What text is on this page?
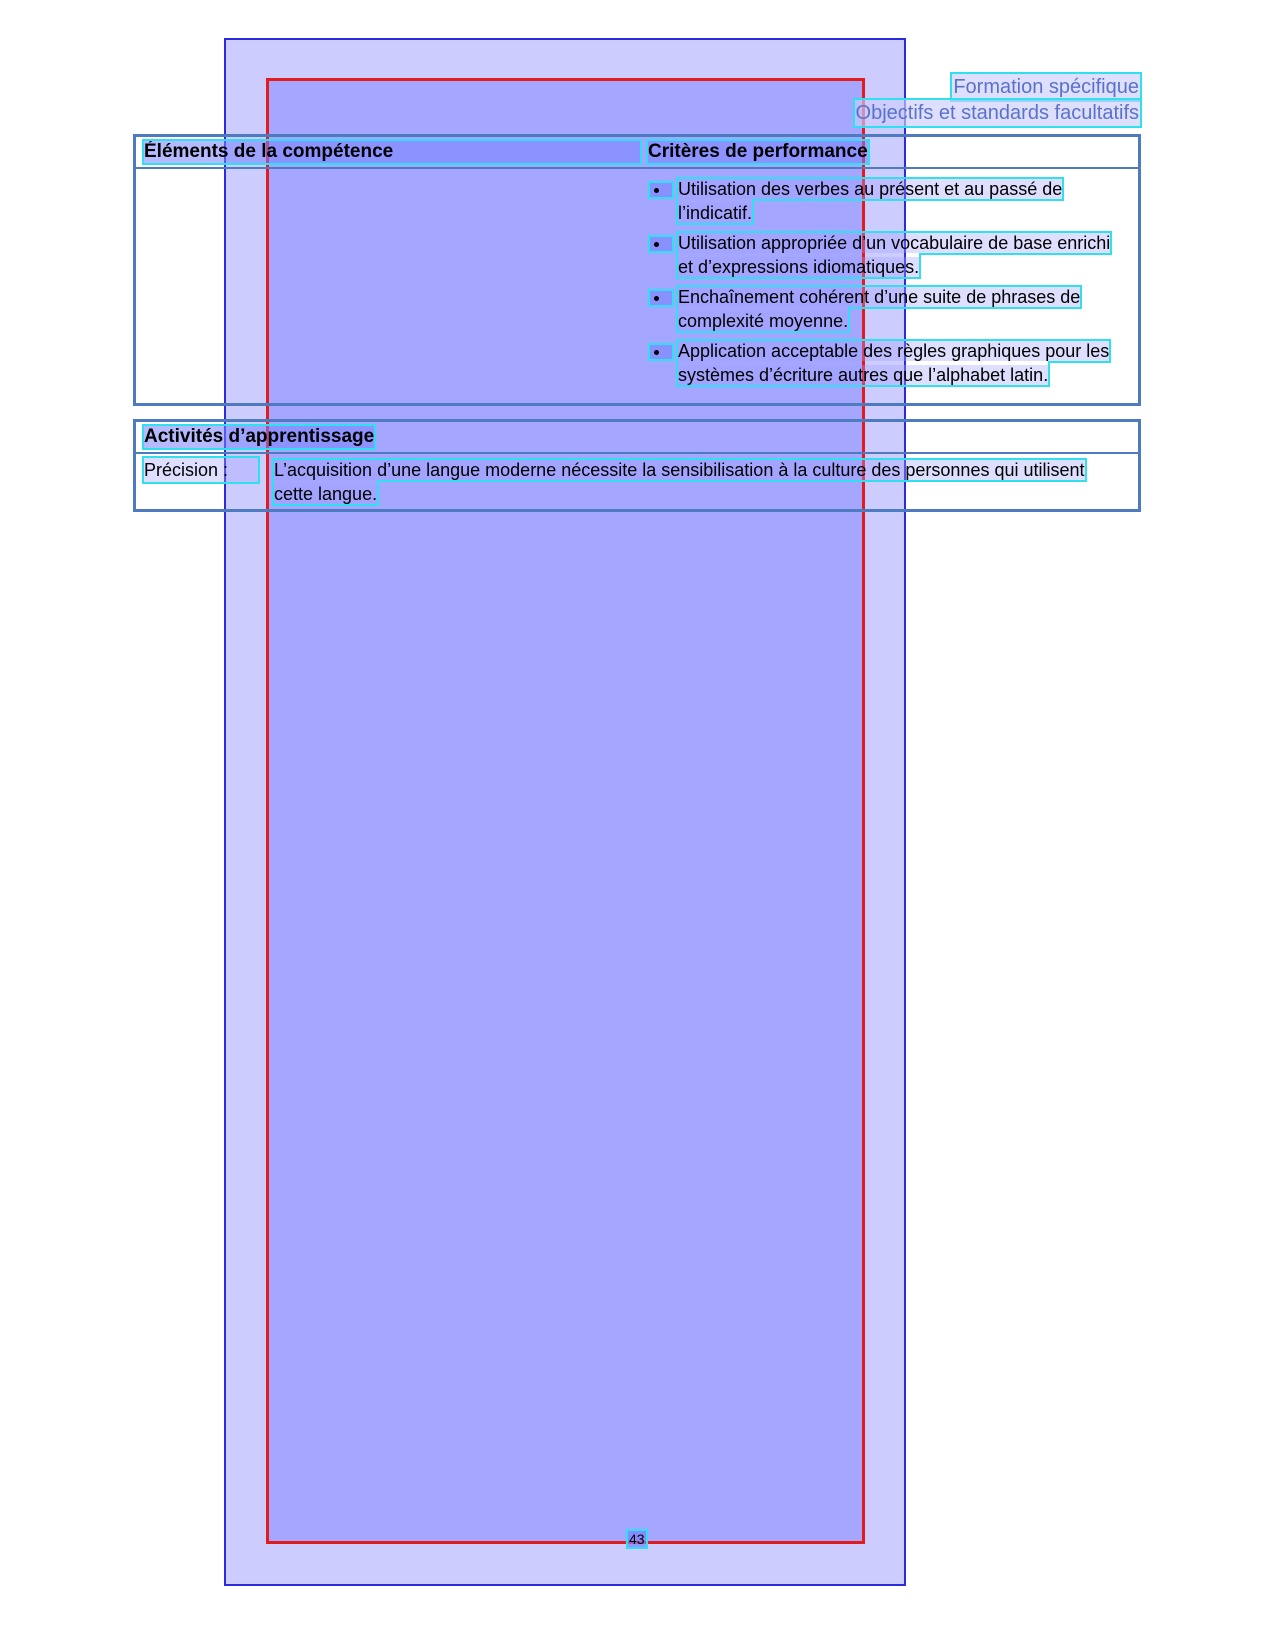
Formation spécifique
Objectifs et standards facultatifs
Éléments de la compétence	Critères de performance
Utilisation des verbes au présent et au passé de l’indicatif.
Utilisation appropriée d’un vocabulaire de base enrichi et d’expressions idiomatiques.
Enchaînement cohérent d’une suite de phrases de complexité moyenne.
Application acceptable des règles graphiques pour les systèmes d’écriture autres que l’alphabet latin.
Activités d’apprentissage
Précision :	L’acquisition d’une langue moderne nécessite la sensibilisation à la culture des personnes qui utilisent cette langue.
43
